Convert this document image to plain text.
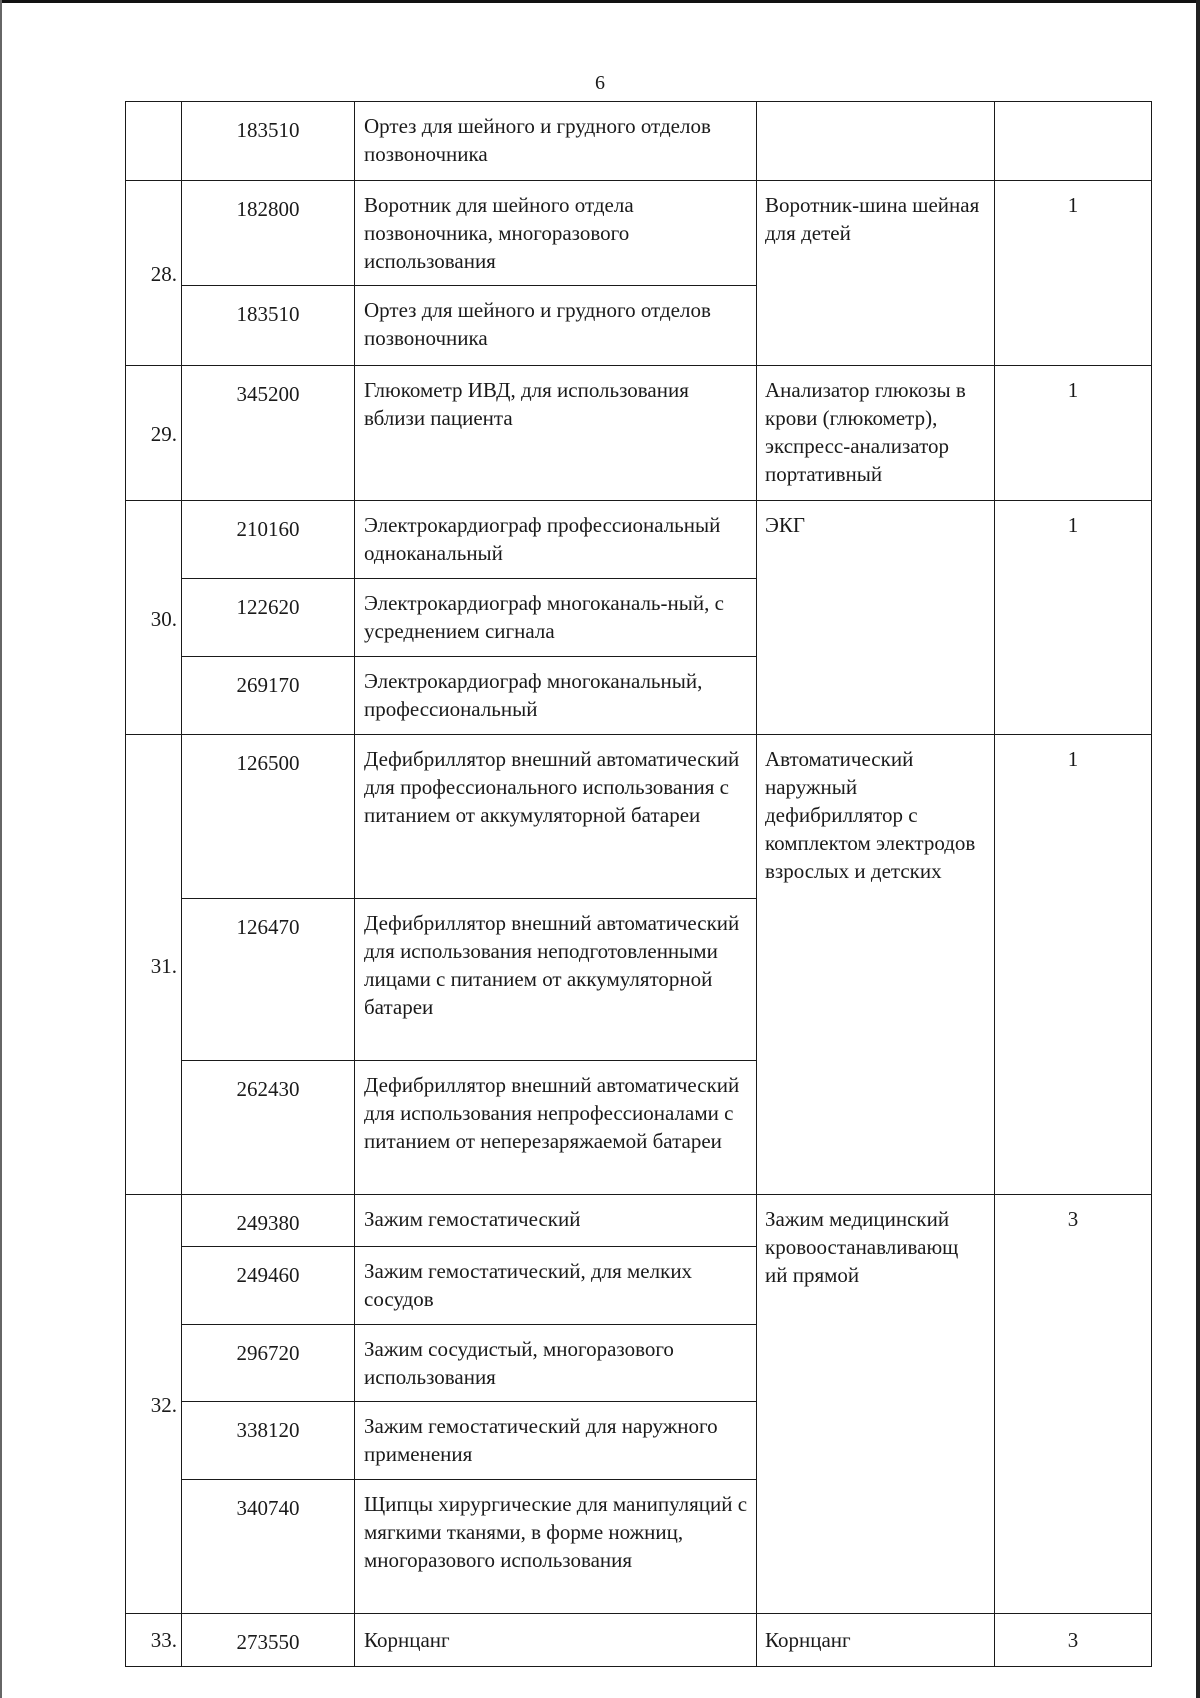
6
	183510	Ортез для шейного и грудного отделов позвоночника		
28.	182800	Воротник для шейного отдела позвоночника, многоразового использования	Воротник-шина шейная для детей	1
	183510	Ортез для шейного и грудного отделов позвоночника		
29.	345200	Глюкометр ИВД, для использования вблизи пациента	Анализатор глюкозы в крови (глюкометр), экспресс-анализатор портативный	1
30.	210160	Электрокардиограф профессиональный одноканальный	ЭКГ	1
	122620	Электрокардиограф многоканаль-ный, с усреднением сигнала		
	269170	Электрокардиограф многоканальный, профессиональный		
31.	126500	Дефибриллятор внешний автоматический для профессионального использования с питанием от аккумуляторной батареи	Автоматический наружный дефибриллятор с комплектом электродов взрослых и детских	1
	126470	Дефибриллятор внешний автоматический для использования неподготовленными лицами с питанием от аккумуляторной батареи		
	262430	Дефибриллятор внешний автоматический для использования непрофессионалами с питанием от неперезаряжаемой батареи		
32.	249380	Зажим гемостатический	Зажим медицинский кровоостанавливающ ий прямой	3
	249460	Зажим гемостатический, для мелких сосудов		
	296720	Зажим сосудистый, многоразового использования		
	338120	Зажим гемостатический для наружного применения		
	340740	Щипцы хирургические для манипуляций с мягкими тканями, в форме ножниц, многоразового использования		
33.	273550	Корнцанг	Корнцанг	3
